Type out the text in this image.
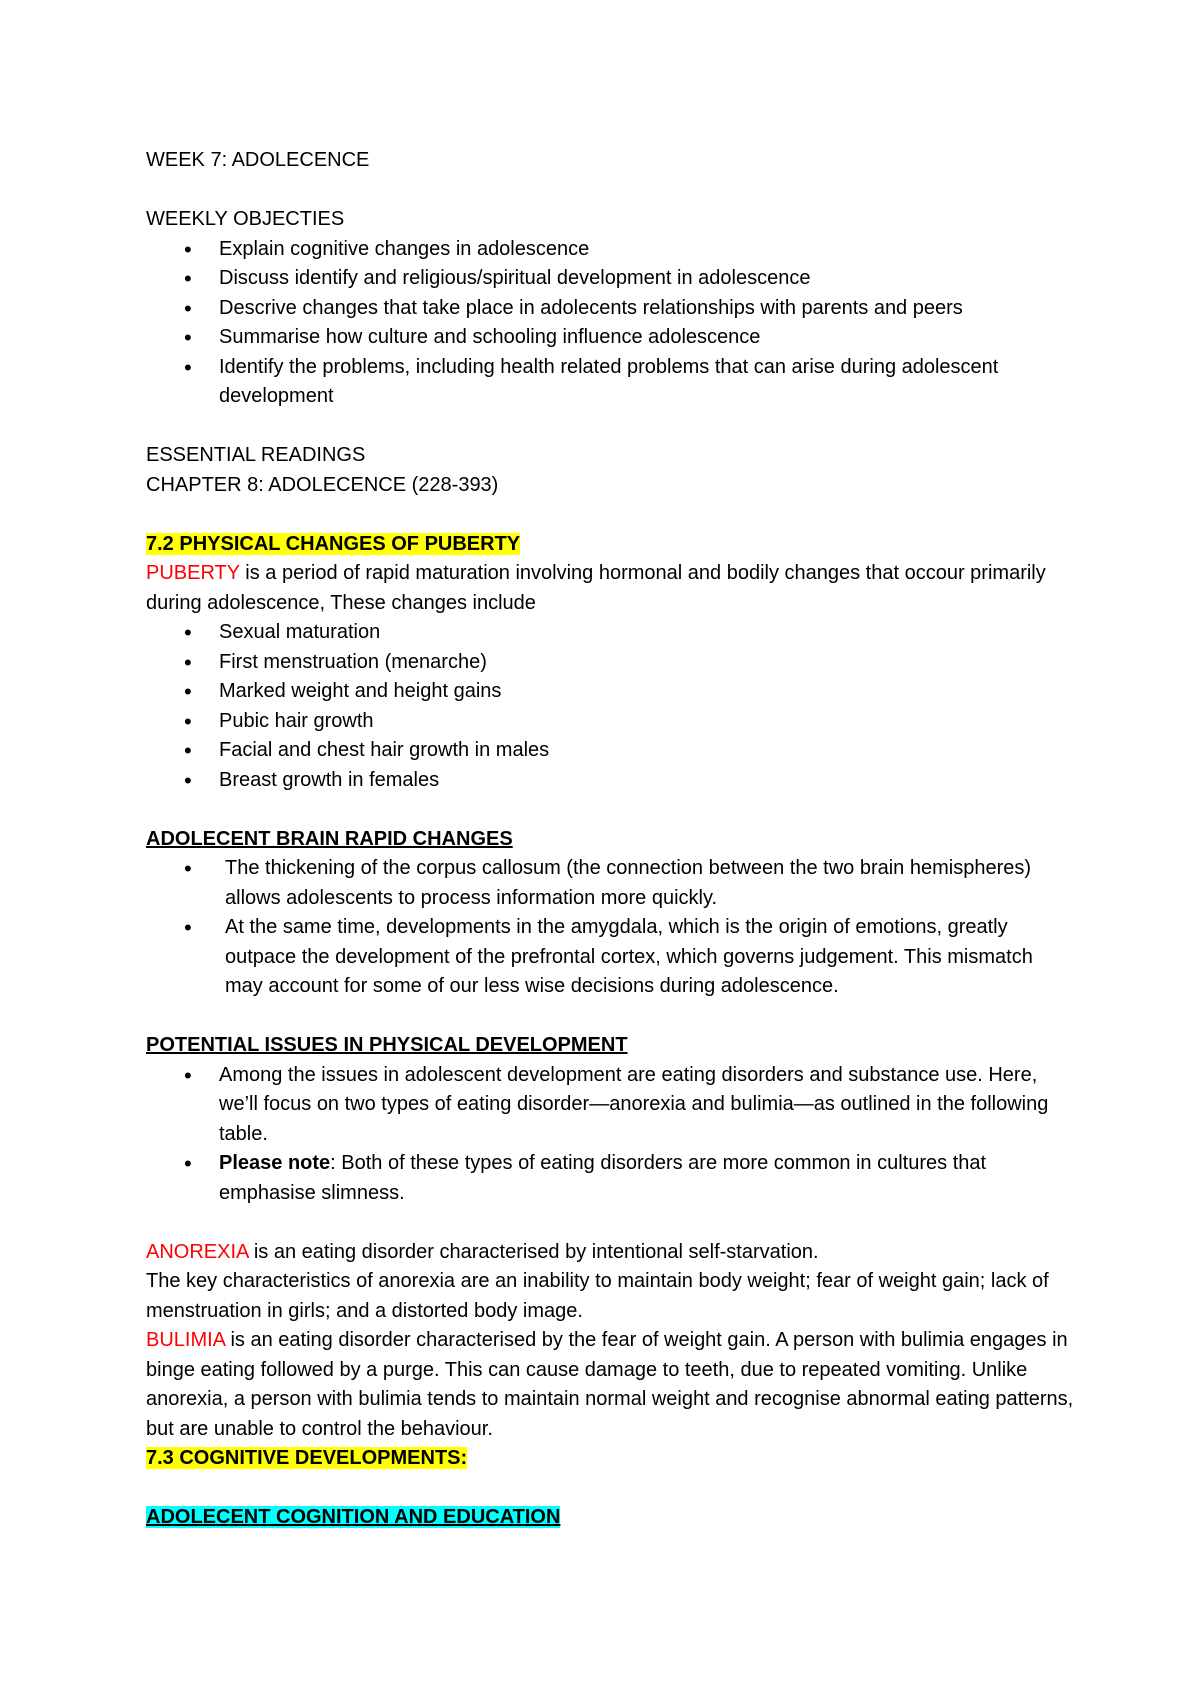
WEEK 7: ADOLECENCE

WEEKLY OBJECTIES

• Explain cognitive changes in adolescence
• Discuss identify and religious/spiritual development in adolescence
• Descrive changes that take place in adolecents relationships with parents and peers
• Summarise how culture and schooling influence adolescence
• Identify the problems, including health related problems that can arise during adolescent development

ESSENTIAL READINGS

CHAPTER 8: ADOLECENCE (228-393)

7.2 PHYSICAL CHANGES OF PUBERTY

PUBERTY is a period of rapid maturation involving hormonal and bodily changes that occour primarily during adolescence, These changes include

• Sexual maturation
• First menstruation (menarche)
• Marked weight and height gains
• Pubic hair growth
• Facial and chest hair growth in males
• Breast growth in females

ADOLECENT BRAIN RAPID CHANGES

• The thickening of the corpus callosum (the connection between the two brain hemispheres) allows adolescents to process information more quickly.
• At the same time, developments in the amygdala, which is the origin of emotions, greatly outpace the development of the prefrontal cortex, which governs judgement. This mismatch may account for some of our less wise decisions during adolescence.

POTENTIAL ISSUES IN PHYSICAL DEVELOPMENT

• Among the issues in adolescent development are eating disorders and substance use. Here, we’ll focus on two types of eating disorder—anorexia and bulimia—as outlined in the following table.
• Please note: Both of these types of eating disorders are more common in cultures that emphasise slimness.

ANOREXIA is an eating disorder characterised by intentional self-starvation.

The key characteristics of anorexia are an inability to maintain body weight; fear of weight gain; lack of menstruation in girls; and a distorted body image.

BULIMIA is an eating disorder characterised by the fear of weight gain. A person with bulimia engages in binge eating followed by a purge. This can cause damage to teeth, due to repeated vomiting. Unlike anorexia, a person with bulimia tends to maintain normal weight and recognise abnormal eating patterns, but are unable to control the behaviour.

7.3 COGNITIVE DEVELOPMENTS:

ADOLECENT COGNITION AND EDUCATION
